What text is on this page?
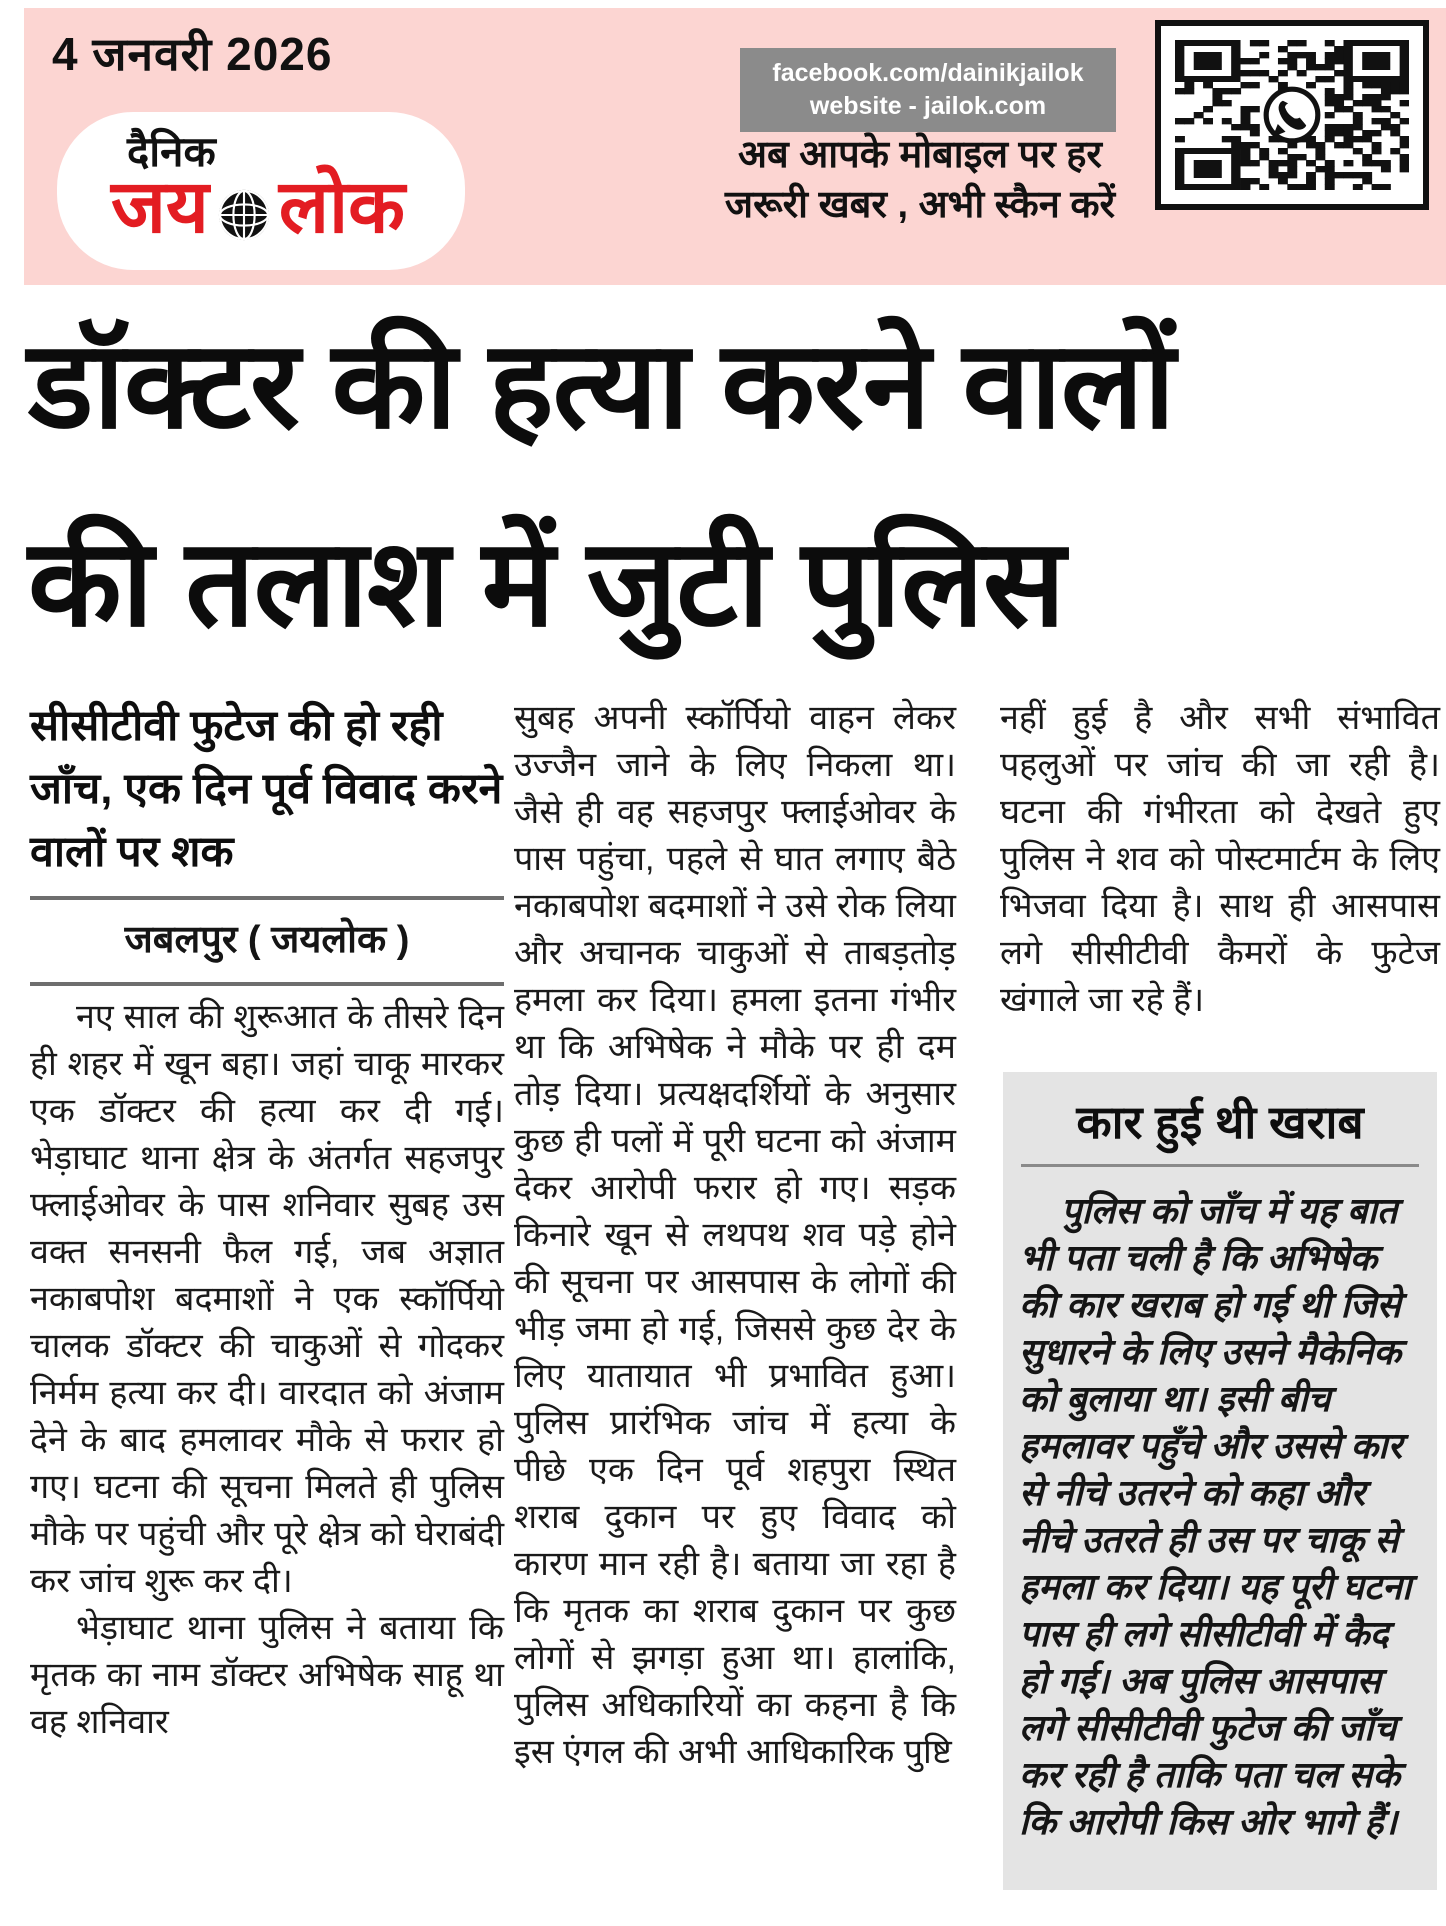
4 जनवरी 2026
दैनिक
जय लोक
facebook.com/dainikjailok
website - jailok.com
अब आपके मोबाइल पर हर
जरूरी खबर , अभी स्कैन करें
डॉक्टर की हत्या करने वालों
की तलाश में जुटी पुलिस
सीसीटीवी फुटेज की हो रही जाँच, एक दिन पूर्व विवाद करने वालों पर शक
जबलपुर ( जयलोक )

नए साल की शुरूआत के तीसरे दिन ही शहर में खून बहा। जहां चाकू मारकर एक डॉक्टर की हत्या कर दी गई। भेड़ाघाट थाना क्षेत्र के अंतर्गत सहजपुर फ्लाईओवर के पास शनिवार सुबह उस वक्त सनसनी फैल गई, जब अज्ञात नकाबपोश बदमाशों ने एक स्कॉर्पियो चालक डॉक्टर की चाकुओं से गोदकर निर्मम हत्या कर दी। वारदात को अंजाम देने के बाद हमलावर मौके से फरार हो गए। घटना की सूचना मिलते ही पुलिस मौके पर पहुंची और पूरे क्षेत्र को घेराबंदी कर जांच शुरू कर दी।

भेड़ाघाट थाना पुलिस ने बताया कि मृतक का नाम डॉक्टर अभिषेक साहू था वह शनिवार

सुबह अपनी स्कॉर्पियो वाहन लेकर उज्जैन जाने के लिए निकला था। जैसे ही वह सहजपुर फ्लाईओवर के पास पहुंचा, पहले से घात लगाए बैठे नकाबपोश बदमाशों ने उसे रोक लिया और अचानक चाकुओं से ताबड़तोड़ हमला कर दिया। हमला इतना गंभीर था कि अभिषेक ने मौके पर ही दम तोड़ दिया। प्रत्यक्षदर्शियों के अनुसार कुछ ही पलों में पूरी घटना को अंजाम देकर आरोपी फरार हो गए। सड़क किनारे खून से लथपथ शव पड़े होने की सूचना पर आसपास के लोगों की भीड़ जमा हो गई, जिससे कुछ देर के लिए यातायात भी प्रभावित हुआ। पुलिस प्रारंभिक जांच में हत्या के पीछे एक दिन पूर्व शहपुरा स्थित शराब दुकान पर हुए विवाद को कारण मान रही है। बताया जा रहा है कि मृतक का शराब दुकान पर कुछ लोगों से झगड़ा हुआ था। हालांकि, पुलिस अधिकारियों का कहना है कि इस एंगल की अभी आधिकारिक पुष्टि

नहीं हुई है और सभी संभावित पहलुओं पर जांच की जा रही है। घटना की गंभीरता को देखते हुए पुलिस ने शव को पोस्टमार्टम के लिए भिजवा दिया है। साथ ही आसपास लगे सीसीटीवी कैमरों के फुटेज खंगाले जा रहे हैं।

कार हुई थी खराब

पुलिस को जाँच में यह बात भी पता चली है कि अभिषेक की कार खराब हो गई थी जिसे सुधारने के लिए उसने मैकेनिक को बुलाया था। इसी बीच हमलावर पहुँचे और उससे कार से नीचे उतरने को कहा और नीचे उतरते ही उस पर चाकू से हमला कर दिया। यह पूरी घटना पास ही लगे सीसीटीवी में कैद हो गई। अब पुलिस आसपास लगे सीसीटीवी फुटेज की जाँच कर रही है ताकि पता चल सके कि आरोपी किस ओर भागे हैं।
